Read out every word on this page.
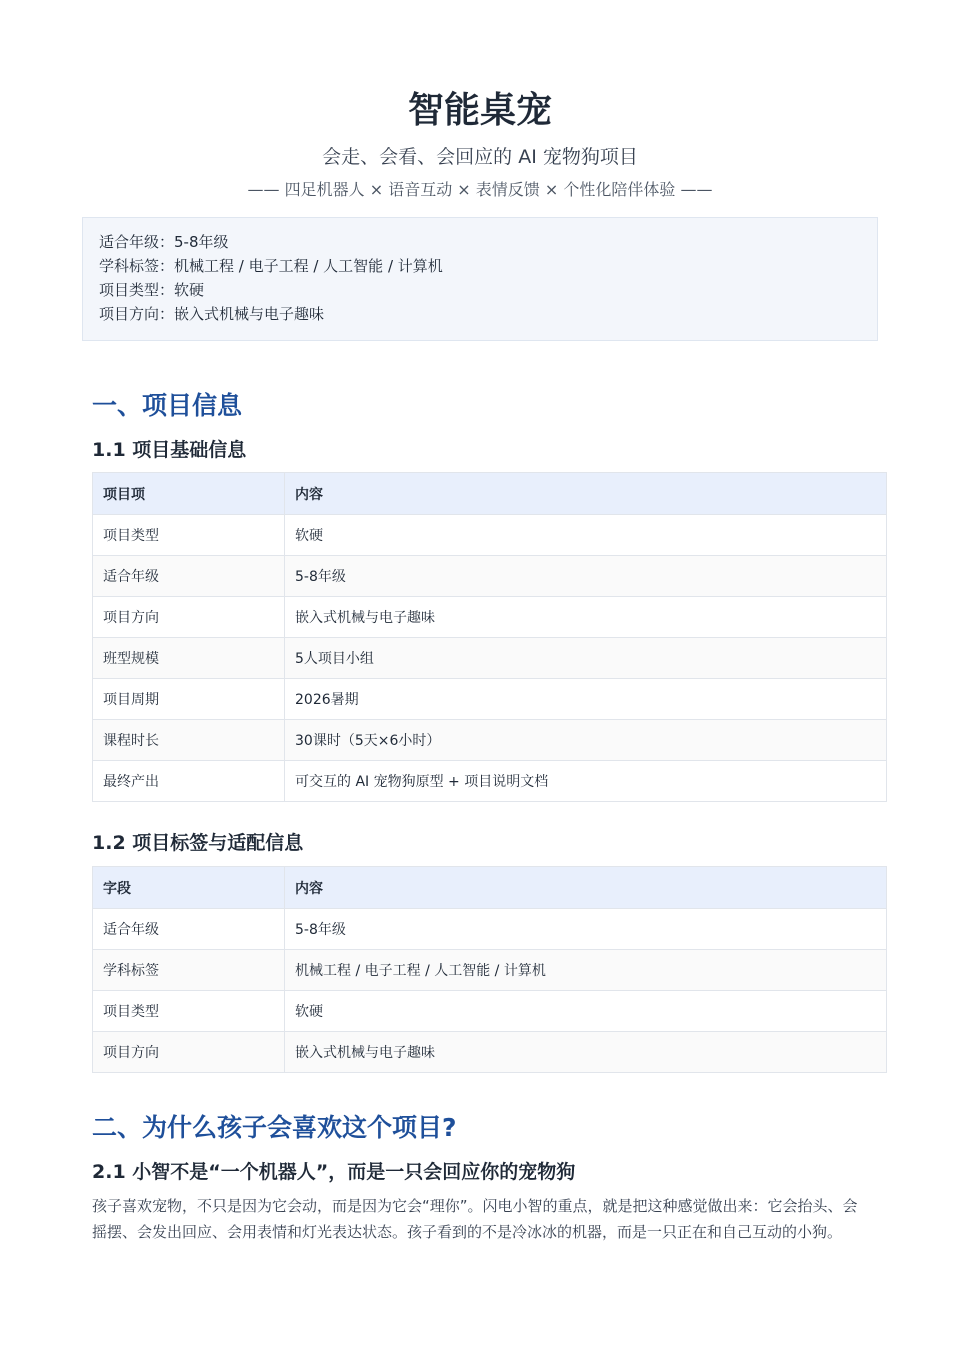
智能桌宠
会走、会看、会回应的 AI 宠物狗项目
—— 四足机器人 × 语音互动 × 表情反馈 × 个性化陪伴体验 ——
适合年级：5-8年级
学科标签：机械工程 / 电子工程 / 人工智能 / 计算机
项目类型：软硬
项目方向：嵌入式机械与电子趣味
一、项目信息
1.1 项目基础信息
项目项	内容
项目类型	软硬
适合年级	5-8年级
项目方向	嵌入式机械与电子趣味
班型规模	5人项目小组
项目周期	2026暑期
课程时长	30课时（5天×6小时）
最终产出	可交互的 AI 宠物狗原型 + 项目说明文档
1.2 项目标签与适配信息
字段	内容
适合年级	5-8年级
学科标签	机械工程 / 电子工程 / 人工智能 / 计算机
项目类型	软硬
项目方向	嵌入式机械与电子趣味
二、为什么孩子会喜欢这个项目?
2.1 小智不是“一个机器人”，而是一只会回应你的宠物狗
孩子喜欢宠物，不只是因为它会动，而是因为它会“理你”。闪电小智的重点，就是把这种感觉做出来：它会抬头、会摇摆、会发出回应、会用表情和灯光表达状态。孩子看到的不是冷冰冰的机器，而是一只正在和自己互动的小狗。
